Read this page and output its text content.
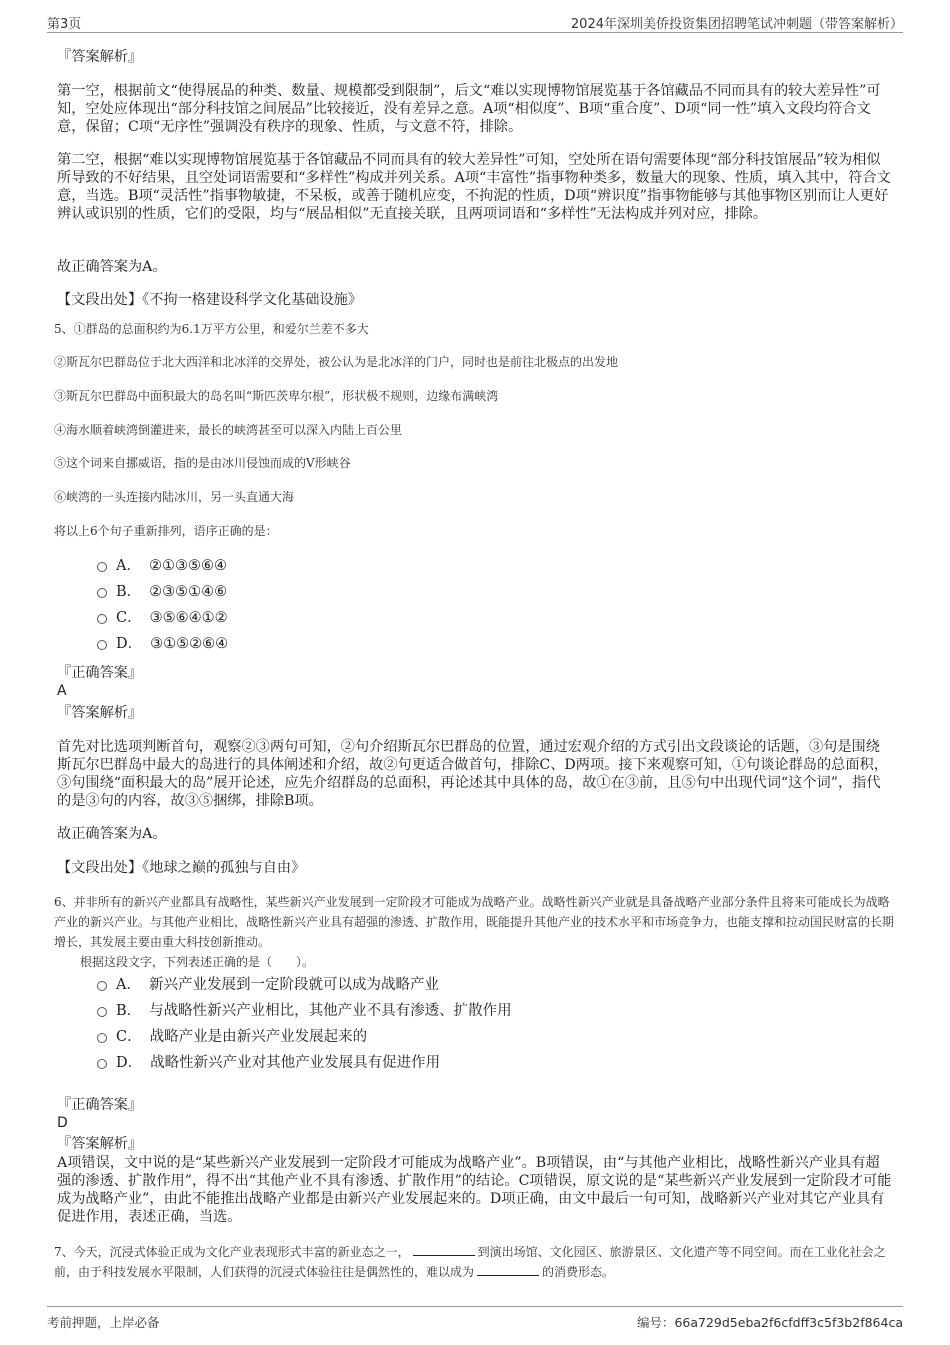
第3页	2024年深圳美侨投资集团招聘笔试冲刺题（带答案解析）
『答案解析』
第一空，根据前文“使得展品的种类、数量、规模都受到限制”，后文“难以实现博物馆展览基于各馆藏品不同而具有的较大差异性”可知，空处应体现出“部分科技馆之间展品”比较接近，没有差异之意。A项“相似度”、B项“重合度”、D项“同一性”填入文段均符合文意，保留；C项“无序性”强调没有秩序的现象、性质，与文意不符，排除。
第二空，根据“难以实现博物馆展览基于各馆藏品不同而具有的较大差异性”可知，空处所在语句需要体现“部分科技馆展品”较为相似所导致的不好结果，且空处词语需要和“多样性”构成并列关系。A项“丰富性”指事物种类多，数量大的现象、性质，填入其中，符合文意，当选。B项“灵活性”指事物敏捷，不呆板，或善于随机应变，不拘泥的性质，D项“辨识度”指事物能够与其他事物区别而让人更好辨认或识别的性质，它们的受限，均与“展品相似”无直接关联，且两项词语和“多样性”无法构成并列对应，排除。
故正确答案为A。
【文段出处】《不拘一格建设科学文化基础设施》
5、①群岛的总面积约为6.1万平方公里，和爱尔兰差不多大
②斯瓦尔巴群岛位于北大西洋和北冰洋的交界处，被公认为是北冰洋的门户，同时也是前往北极点的出发地
③斯瓦尔巴群岛中面积最大的岛名叫“斯匹茨卑尔根”，形状极不规则，边缘布满峡湾
④海水顺着峡湾倒灌进来，最长的峡湾甚至可以深入内陆上百公里
⑤这个词来自挪威语，指的是由冰川侵蚀而成的V形峡谷
⑥峡湾的一头连接内陆冰川，另一头直通大海
将以上6个句子重新排列，语序正确的是：
A． ②①③⑤⑥④
B． ②③⑤①④⑥
C． ③⑤⑥④①②
D． ③①⑤②⑥④
『正确答案』
A
『答案解析』
首先对比选项判断首句，观察②③两句可知，②句介绍斯瓦尔巴群岛的位置，通过宏观介绍的方式引出文段谈论的话题，③句是围绕斯瓦尔巴群岛中最大的岛进行的具体阐述和介绍，故②句更适合做首句，排除C、D两项。接下来观察可知，①句谈论群岛的总面积，③句围绕“面积最大的岛”展开论述，应先介绍群岛的总面积，再论述其中具体的岛，故①在③前，且⑤句中出现代词“这个词”，指代的是③句的内容，故③⑤捆绑，排除B项。
故正确答案为A。
【文段出处】《地球之巅的孤独与自由》
6、并非所有的新兴产业都具有战略性，某些新兴产业发展到一定阶段才可能成为战略产业。战略性新兴产业就是具备战略产业部分条件且将来可能成长为战略产业的新兴产业。与其他产业相比，战略性新兴产业具有超强的渗透、扩散作用，既能提升其他产业的技术水平和市场竞争力，也能支撑和拉动国民财富的长期增长，其发展主要由重大科技创新推动。
根据这段文字，下列表述正确的是（　　）。
A． 新兴产业发展到一定阶段就可以成为战略产业
B． 与战略性新兴产业相比，其他产业不具有渗透、扩散作用
C． 战略产业是由新兴产业发展起来的
D． 战略性新兴产业对其他产业发展具有促进作用
『正确答案』
D
『答案解析』
A项错误，文中说的是“某些新兴产业发展到一定阶段才可能成为战略产业”。B项错误，由“与其他产业相比，战略性新兴产业具有超强的渗透、扩散作用”，得不出“其他产业不具有渗透、扩散作用”的结论。C项错误，原文说的是“某些新兴产业发展到一定阶段才可能成为战略产业”，由此不能推出战略产业都是由新兴产业发展起来的。D项正确，由文中最后一句可知，战略新兴产业对其它产业具有促进作用，表述正确，当选。
7、今天，沉浸式体验正成为文化产业表现形式丰富的新业态之一，	到演出场馆、文化园区、旅游景区、文化遗产等不同空间。而在工业化社会之前，由于科技发展水平限制，人们获得的沉浸式体验往往是偶然性的，难以成为	的消费形态。
考前押题，上岸必备	编号：66a729d5eba2f6cfdff3c5f3b2f864ca
